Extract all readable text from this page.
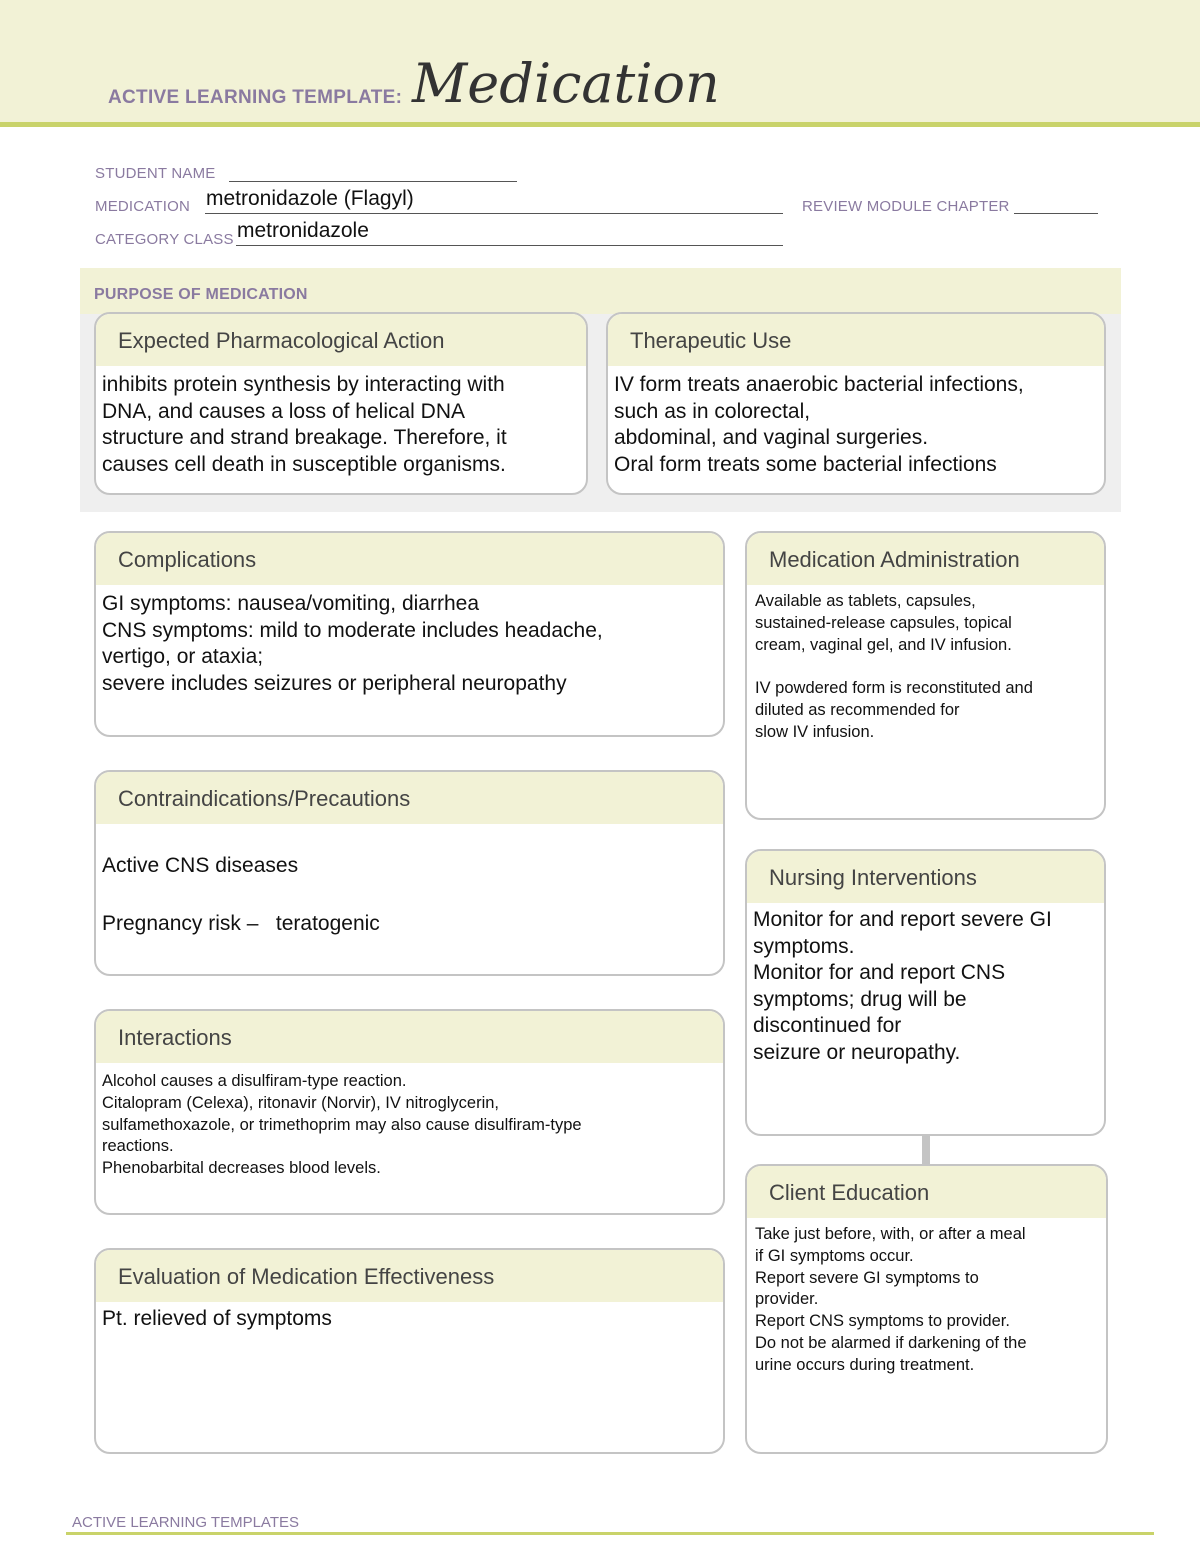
ACTIVE LEARNING TEMPLATE: Medication
STUDENT NAME
MEDICATION metronidazole (Flagyl)	REVIEW MODULE CHAPTER
CATEGORY CLASS metronidazole
PURPOSE OF MEDICATION
Expected Pharmacological Action
inhibits protein synthesis by interacting with
DNA, and causes a loss of helical DNA
structure and strand breakage. Therefore, it
causes cell death in susceptible organisms.
Therapeutic Use
IV form treats anaerobic bacterial infections,
such as in colorectal,
abdominal, and vaginal surgeries.
Oral form treats some bacterial infections
Complications
GI symptoms: nausea/vomiting, diarrhea
CNS symptoms: mild to moderate includes headache,
vertigo, or ataxia;
severe includes seizures or peripheral neuropathy
Contraindications/Precautions

Active CNS diseases

Pregnancy risk –   teratogenic

Interactions
Alcohol causes a disulfiram-type reaction.
Citalopram (Celexa), ritonavir (Norvir), IV nitroglycerin,
sulfamethoxazole, or trimethoprim may also cause disulfiram-type
reactions.
Phenobarbital decreases blood levels.
Evaluation of Medication Effectiveness
Pt. relieved of symptoms
Medication Administration
Available as tablets, capsules,
sustained-release capsules, topical
cream, vaginal gel, and IV infusion.

IV powdered form is reconstituted and
diluted as recommended for
slow IV infusion.
Nursing Interventions
Monitor for and report severe GI
symptoms.
Monitor for and report CNS
symptoms; drug will be
discontinued for
seizure or neuropathy.
Client Education
Take just before, with, or after a meal
if GI symptoms occur.
Report severe GI symptoms to
provider.
Report CNS symptoms to provider.
Do not be alarmed if darkening of the
urine occurs during treatment.
ACTIVE LEARNING TEMPLATES
